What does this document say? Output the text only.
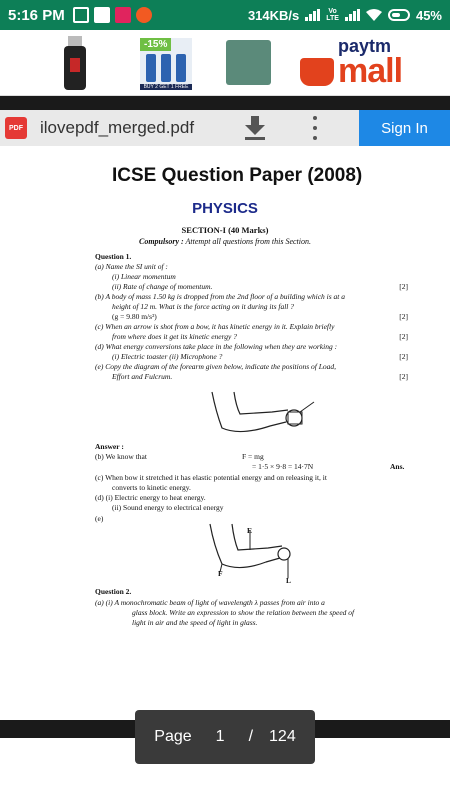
5:16 PM	314KB/s	Vo
LTE	45%
-15%
BUY 2 GET 1 FREE
paytm
mall
PDF ilovepdf_merged.pdf	Sign In
ICSE Question Paper (2008)
PHYSICS
SECTION-I (40 Marks)
Compulsory : Attempt all questions from this Section.
Question 1.
(a) Name the SI unit of :
(i) Linear momentum
(ii) Rate of change of momentum.	[2]
(b) A body of mass 1.50 kg is dropped from the 2nd floor of a building which is at a
height of 12 m. What is the force acting on it during its fall ?
(g = 9.80 m/s²)	[2]
(c) When an arrow is shot from a bow, it has kinetic energy in it. Explain briefly
from where does it get its kinetic energy ?	[2]
(d) What energy conversions take place in the following when they are working :
(i) Electric toaster (ii) Microphone ?	[2]
(e) Copy the diagram of the forearm given below, indicate the positions of Load,
Effort and Fulcrum.	[2]
Answer :
(b) We know that	F = mg
= 1·5 × 9·8 = 14·7N	Ans.
(c) When bow it stretched it has elastic potential energy and on releasing it, it
converts to kinetic energy.
(d) (i) Electric energy to heat energy.
(ii) Sound energy to electrical energy
(e)
E
F
L
Question 2.
(a) (i) A monochromatic beam of light of wavelength λ passes from air into a
glass block. Write an expression to show the relation between the speed of
light in air and the speed of light in glass.
Page 1 / 124
